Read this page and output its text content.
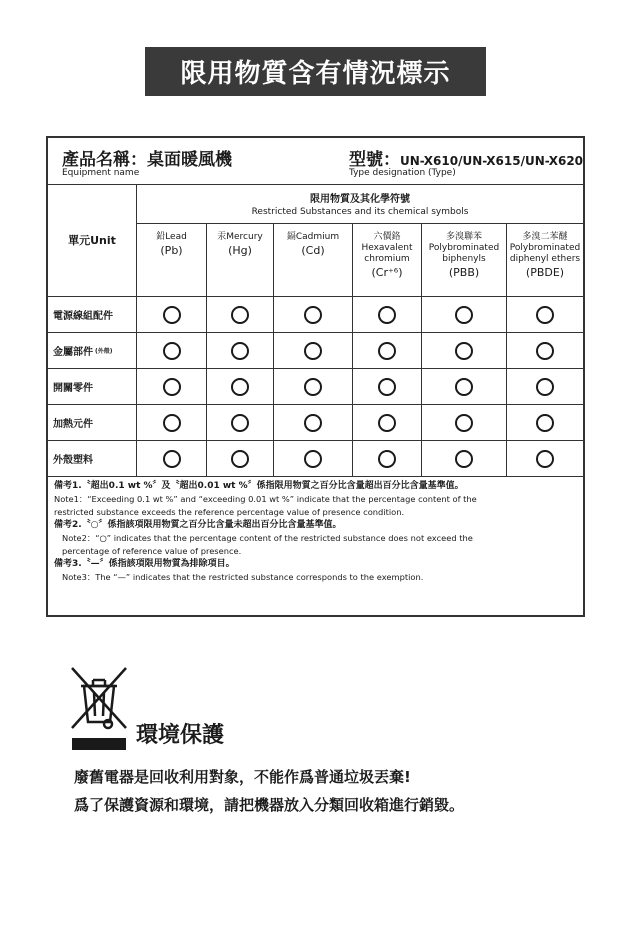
限用物質含有情況標示
產品名稱：桌面暖風機
Equipment name
型號：UN-X610/UN-X615/UN-X620
Type designation (Type)
單元Unit
限用物質及其化學符號
Restricted Substances and its chemical symbols
鉛Lead
(Pb)
汞Mercury
(Hg)
鎘Cadmium
(Cd)
六價鉻
Hexavalent
chromium
(Cr⁺⁶)
多溴聯苯
Polybrominated
biphenyls
(PBB)
多溴二苯醚
Polybrominated
diphenyl ethers
(PBDE)
電源線組配件
金屬部件 (外殼)
開關零件
加熱元件
外殼塑料
備考1.〝超出0.1 wt %〞及〝超出0.01 wt %〞係指限用物質之百分比含量超出百分比含量基準值。
Note1：“Exceeding 0.1 wt %” and “exceeding 0.01 wt %” indicate that the percentage content of the
restricted substance exceeds the reference percentage value of presence condition.
備考2.〝○〞係指該項限用物質之百分比含量未超出百分比含量基準值。
Note2：“○” indicates that the percentage content of the restricted substance does not exceed the
percentage of reference value of presence.
備考3.〝—〞係指該項限用物質為排除項目。
Note3：The “—” indicates that the restricted substance corresponds to the exemption.
環境保護
廢舊電器是回收利用對象，不能作爲普通垃圾丟棄!
爲了保護資源和環境，請把機器放入分類回收箱進行銷毀。
